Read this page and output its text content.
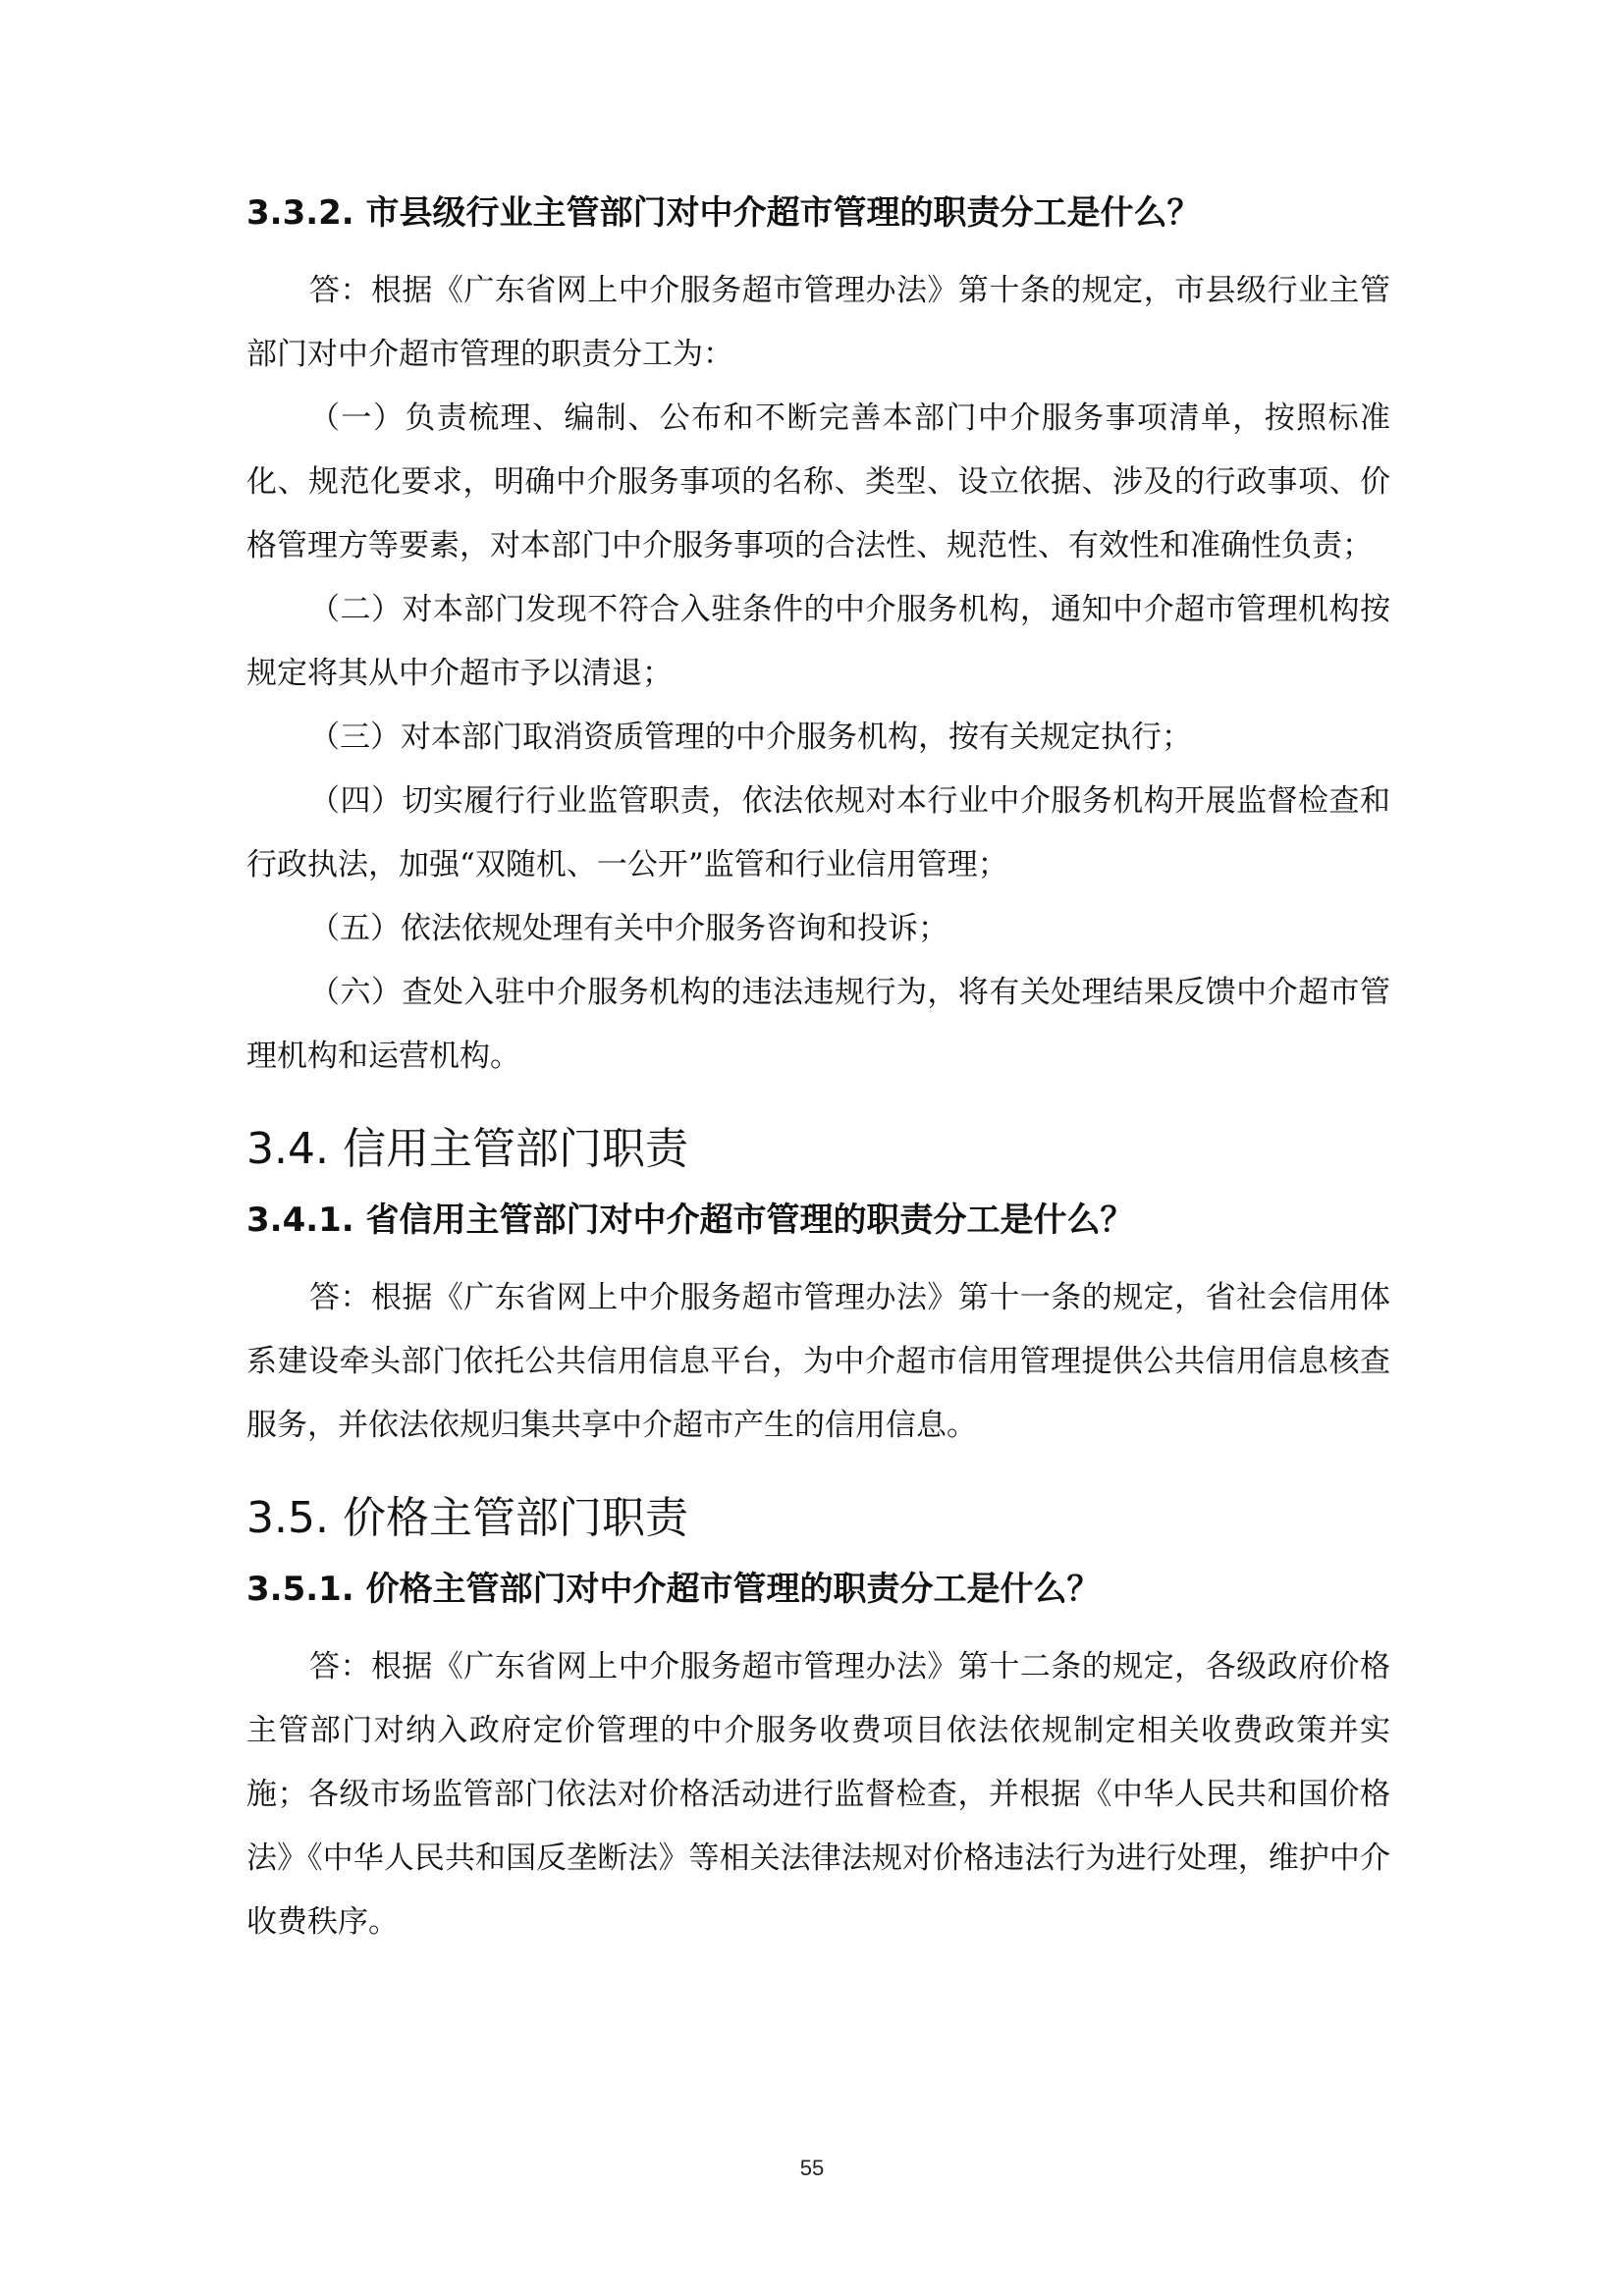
3.3.2. 市县级行业主管部门对中介超市管理的职责分工是什么？

答：根据《广东省网上中介服务超市管理办法》第十条的规定，市县级行业主管部门对中介超市管理的职责分工为：

（一）负责梳理、编制、公布和不断完善本部门中介服务事项清单，按照标准化、规范化要求，明确中介服务事项的名称、类型、设立依据、涉及的行政事项、价格管理方等要素，对本部门中介服务事项的合法性、规范性、有效性和准确性负责；

（二）对本部门发现不符合入驻条件的中介服务机构，通知中介超市管理机构按规定将其从中介超市予以清退；

（三）对本部门取消资质管理的中介服务机构，按有关规定执行；

（四）切实履行行业监管职责，依法依规对本行业中介服务机构开展监督检查和行政执法，加强“双随机、一公开”监管和行业信用管理；

（五）依法依规处理有关中介服务咨询和投诉；

（六）查处入驻中介服务机构的违法违规行为，将有关处理结果反馈中介超市管理机构和运营机构。

3.4. 信用主管部门职责
3.4.1. 省信用主管部门对中介超市管理的职责分工是什么？

答：根据《广东省网上中介服务超市管理办法》第十一条的规定，省社会信用体系建设牵头部门依托公共信用信息平台，为中介超市信用管理提供公共信用信息核查服务，并依法依规归集共享中介超市产生的信用信息。

3.5. 价格主管部门职责
3.5.1. 价格主管部门对中介超市管理的职责分工是什么？

答：根据《广东省网上中介服务超市管理办法》第十二条的规定，各级政府价格主管部门对纳入政府定价管理的中介服务收费项目依法依规制定相关收费政策并实施；各级市场监管部门依法对价格活动进行监督检查，并根据《中华人民共和国价格法》《中华人民共和国反垄断法》等相关法律法规对价格违法行为进行处理，维护中介收费秩序。

55
